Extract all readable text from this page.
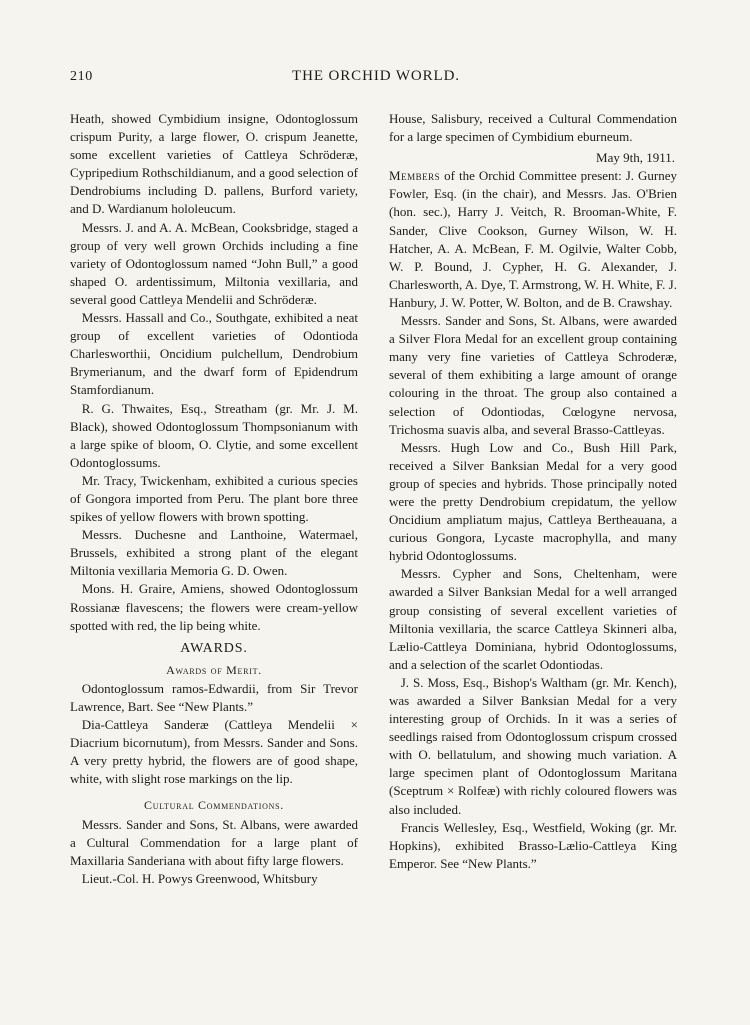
210	THE ORCHID WORLD.

Heath, showed Cymbidium insigne, Odontoglossum crispum Purity, a large flower, O. crispum Jeanette, some excellent varieties of Cattleya Schröderæ, Cypripedium Rothschildianum, and a good selection of Dendrobiums including D. pallens, Burford variety, and D. Wardianum hololeucum.

Messrs. J. and A. A. McBean, Cooksbridge, staged a group of very well grown Orchids including a fine variety of Odontoglossum named “John Bull,” a good shaped O. ardentissimum, Miltonia vexillaria, and several good Cattleya Mendelii and Schröderæ.

Messrs. Hassall and Co., Southgate, exhibited a neat group of excellent varieties of Odontioda Charlesworthii, Oncidium pulchellum, Dendrobium Brymerianum, and the dwarf form of Epidendrum Stamfordianum.

R. G. Thwaites, Esq., Streatham (gr. Mr. J. M. Black), showed Odontoglossum Thompsonianum with a large spike of bloom, O. Clytie, and some excellent Odontoglossums.

Mr. Tracy, Twickenham, exhibited a curious species of Gongora imported from Peru. The plant bore three spikes of yellow flowers with brown spotting.

Messrs. Duchesne and Lanthoine, Watermael, Brussels, exhibited a strong plant of the elegant Miltonia vexillaria Memoria G. D. Owen.

Mons. H. Graire, Amiens, showed Odontoglossum Rossianæ flavescens; the flowers were cream-yellow spotted with red, the lip being white.

AWARDS.
Awards of Merit.

Odontoglossum ramos-Edwardii, from Sir Trevor Lawrence, Bart. See “New Plants.”

Dia-Cattleya Sanderæ (Cattleya Mendelii × Diacrium bicornutum), from Messrs. Sander and Sons. A very pretty hybrid, the flowers are of good shape, white, with slight rose markings on the lip.

Cultural Commendations.

Messrs. Sander and Sons, St. Albans, were awarded a Cultural Commendation for a large plant of Maxillaria Sanderiana with about fifty large flowers.

Lieut.-Col. H. Powys Greenwood, Whitsbury

House, Salisbury, received a Cultural Commendation for a large specimen of Cymbidium eburneum.

May 9th, 1911.

Members of the Orchid Committee present: J. Gurney Fowler, Esq. (in the chair), and Messrs. Jas. O'Brien (hon. sec.), Harry J. Veitch, R. Brooman-White, F. Sander, Clive Cookson, Gurney Wilson, W. H. Hatcher, A. A. McBean, F. M. Ogilvie, Walter Cobb, W. P. Bound, J. Cypher, H. G. Alexander, J. Charlesworth, A. Dye, T. Armstrong, W. H. White, F. J. Hanbury, J. W. Potter, W. Bolton, and de B. Crawshay.

Messrs. Sander and Sons, St. Albans, were awarded a Silver Flora Medal for an excellent group containing many very fine varieties of Cattleya Schroderæ, several of them exhibiting a large amount of orange colouring in the throat. The group also contained a selection of Odontiodas, Cœlogyne nervosa, Trichosma suavis alba, and several Brasso-Cattleyas.

Messrs. Hugh Low and Co., Bush Hill Park, received a Silver Banksian Medal for a very good group of species and hybrids. Those principally noted were the pretty Dendrobium crepidatum, the yellow Oncidium ampliatum majus, Cattleya Bertheauana, a curious Gongora, Lycaste macrophylla, and many hybrid Odontoglossums.

Messrs. Cypher and Sons, Cheltenham, were awarded a Silver Banksian Medal for a well arranged group consisting of several excellent varieties of Miltonia vexillaria, the scarce Cattleya Skinneri alba, Lælio-Cattleya Dominiana, hybrid Odontoglossums, and a selection of the scarlet Odontiodas.

J. S. Moss, Esq., Bishop's Waltham (gr. Mr. Kench), was awarded a Silver Banksian Medal for a very interesting group of Orchids. In it was a series of seedlings raised from Odontoglossum crispum crossed with O. bellatulum, and showing much variation. A large specimen plant of Odontoglossum Maritana (Sceptrum × Rolfeæ) with richly coloured flowers was also included.

Francis Wellesley, Esq., Westfield, Woking (gr. Mr. Hopkins), exhibited Brasso-Lælio-Cattleya King Emperor. See “New Plants.”
